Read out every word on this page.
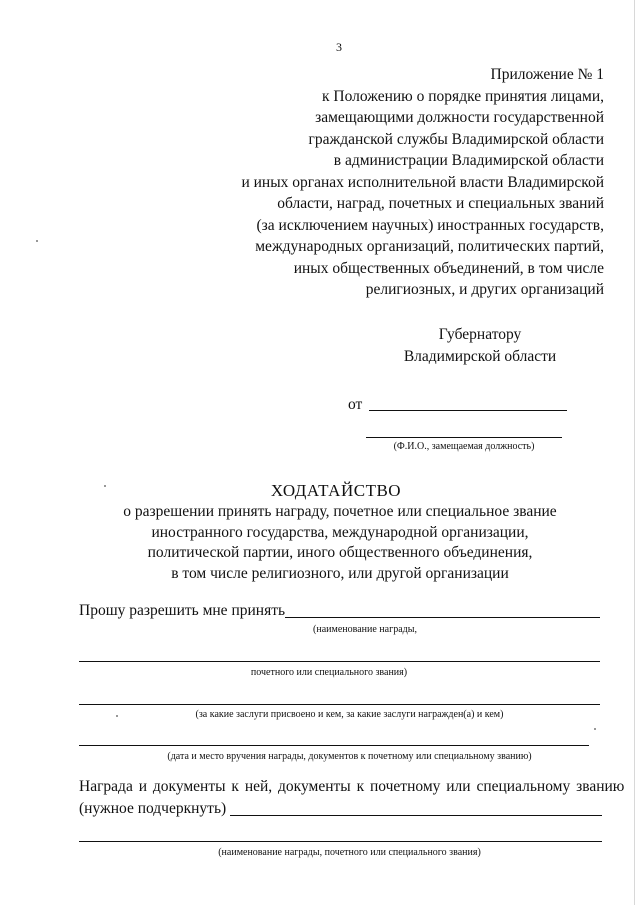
3
Приложение № 1
к Положению о порядке принятия лицами,
замещающими должности государственной
гражданской службы Владимирской области
в администрации Владимирской области
и иных органах исполнительной власти Владимирской
области, наград, почетных и специальных званий
(за исключением научных) иностранных государств,
международных организаций, политических партий,
иных общественных объединений, в том числе
религиозных, и других организаций
Губернатору
Владимирской области
от
(Ф.И.О., замещаемая должность)
ХОДАТАЙСТВО
о разрешении принять награду, почетное или специальное звание
иностранного государства, международной организации,
политической партии, иного общественного объединения,
в том числе религиозного, или другой организации
Прошу разрешить мне принять
(наименование награды,
почетного или специального звания)
(за какие заслуги присвоено и кем, за какие заслуги награжден(а) и кем)
(дата и место вручения награды, документов к почетному или специальному званию)
Награда и документы к ней, документы к почетному или специальному званию
(нужное подчеркнуть)
(наименование награды, почетного или специального звания)
